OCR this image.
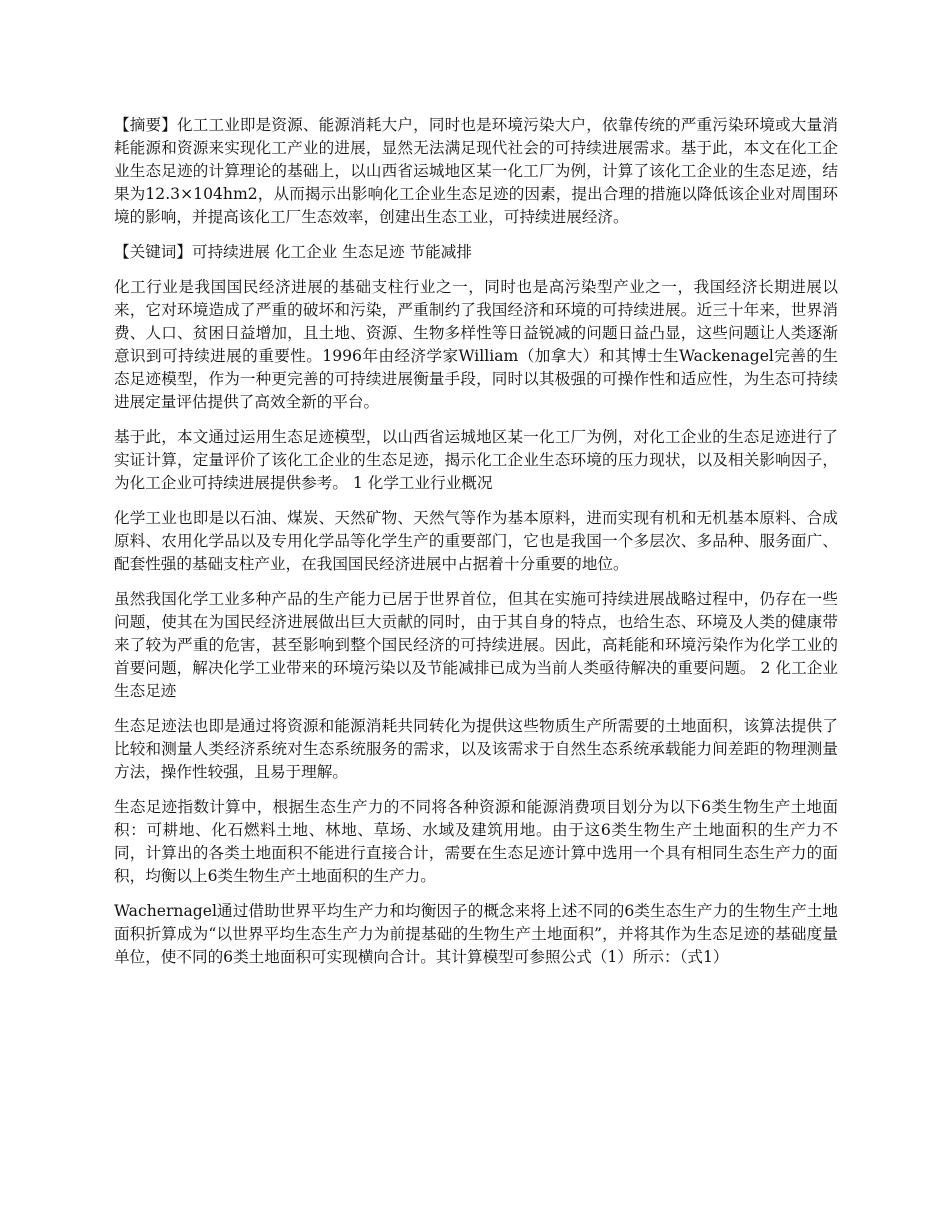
【摘要】化工工业即是资源、能源消耗大户，同时也是环境污染大户，依靠传统的严重污染环境或大量消耗能源和资源来实现化工产业的进展，显然无法满足现代社会的可持续进展需求。基于此，本文在化工企业生态足迹的计算理论的基础上，以山西省运城地区某一化工厂为例，计算了该化工企业的生态足迹，结果为12.3×104hm2，从而揭示出影响化工企业生态足迹的因素，提出合理的措施以降低该企业对周围环境的影响，并提高该化工厂生态效率，创建出生态工业，可持续进展经济。

【关键词】可持续进展 化工企业 生态足迹 节能减排

化工行业是我国国民经济进展的基础支柱行业之一，同时也是高污染型产业之一，我国经济长期进展以来，它对环境造成了严重的破坏和污染，严重制约了我国经济和环境的可持续进展。近三十年来，世界消费、人口、贫困日益增加，且土地、资源、生物多样性等日益锐减的问题日益凸显，这些问题让人类逐渐意识到可持续进展的重要性。1996年由经济学家William（加拿大）和其博士生Wackenagel完善的生态足迹模型，作为一种更完善的可持续进展衡量手段，同时以其极强的可操作性和适应性，为生态可持续进展定量评估提供了高效全新的平台。

基于此，本文通过运用生态足迹模型，以山西省运城地区某一化工厂为例，对化工企业的生态足迹进行了实证计算，定量评价了该化工企业的生态足迹，揭示化工企业生态环境的压力现状，以及相关影响因子，为化工企业可持续进展提供参考。 1 化学工业行业概况

化学工业也即是以石油、煤炭、天然矿物、天然气等作为基本原料，进而实现有机和无机基本原料、合成原料、农用化学品以及专用化学品等化学生产的重要部门，它也是我国一个多层次、多品种、服务面广、配套性强的基础支柱产业，在我国国民经济进展中占据着十分重要的地位。

虽然我国化学工业多种产品的生产能力已居于世界首位，但其在实施可持续进展战略过程中，仍存在一些问题，使其在为国民经济进展做出巨大贡献的同时，由于其自身的特点，也给生态、环境及人类的健康带来了较为严重的危害，甚至影响到整个国民经济的可持续进展。因此，高耗能和环境污染作为化学工业的首要问题，解决化学工业带来的环境污染以及节能减排已成为当前人类亟待解决的重要问题。 2 化工企业生态足迹

生态足迹法也即是通过将资源和能源消耗共同转化为提供这些物质生产所需要的土地面积，该算法提供了比较和测量人类经济系统对生态系统服务的需求，以及该需求于自然生态系统承载能力间差距的物理测量方法，操作性较强，且易于理解。

生态足迹指数计算中，根据生态生产力的不同将各种资源和能源消费项目划分为以下6类生物生产土地面积：可耕地、化石燃料土地、林地、草场、水域及建筑用地。由于这6类生物生产土地面积的生产力不同，计算出的各类土地面积不能进行直接合计，需要在生态足迹计算中选用一个具有相同生态生产力的面积，均衡以上6类生物生产土地面积的生产力。

Wachernagel通过借助世界平均生产力和均衡因子的概念来将上述不同的6类生态生产力的生物生产土地面积折算成为“以世界平均生态生产力为前提基础的生物生产土地面积”，并将其作为生态足迹的基础度量单位，使不同的6类土地面积可实现横向合计。其计算模型可参照公式（1）所示：（式1）
